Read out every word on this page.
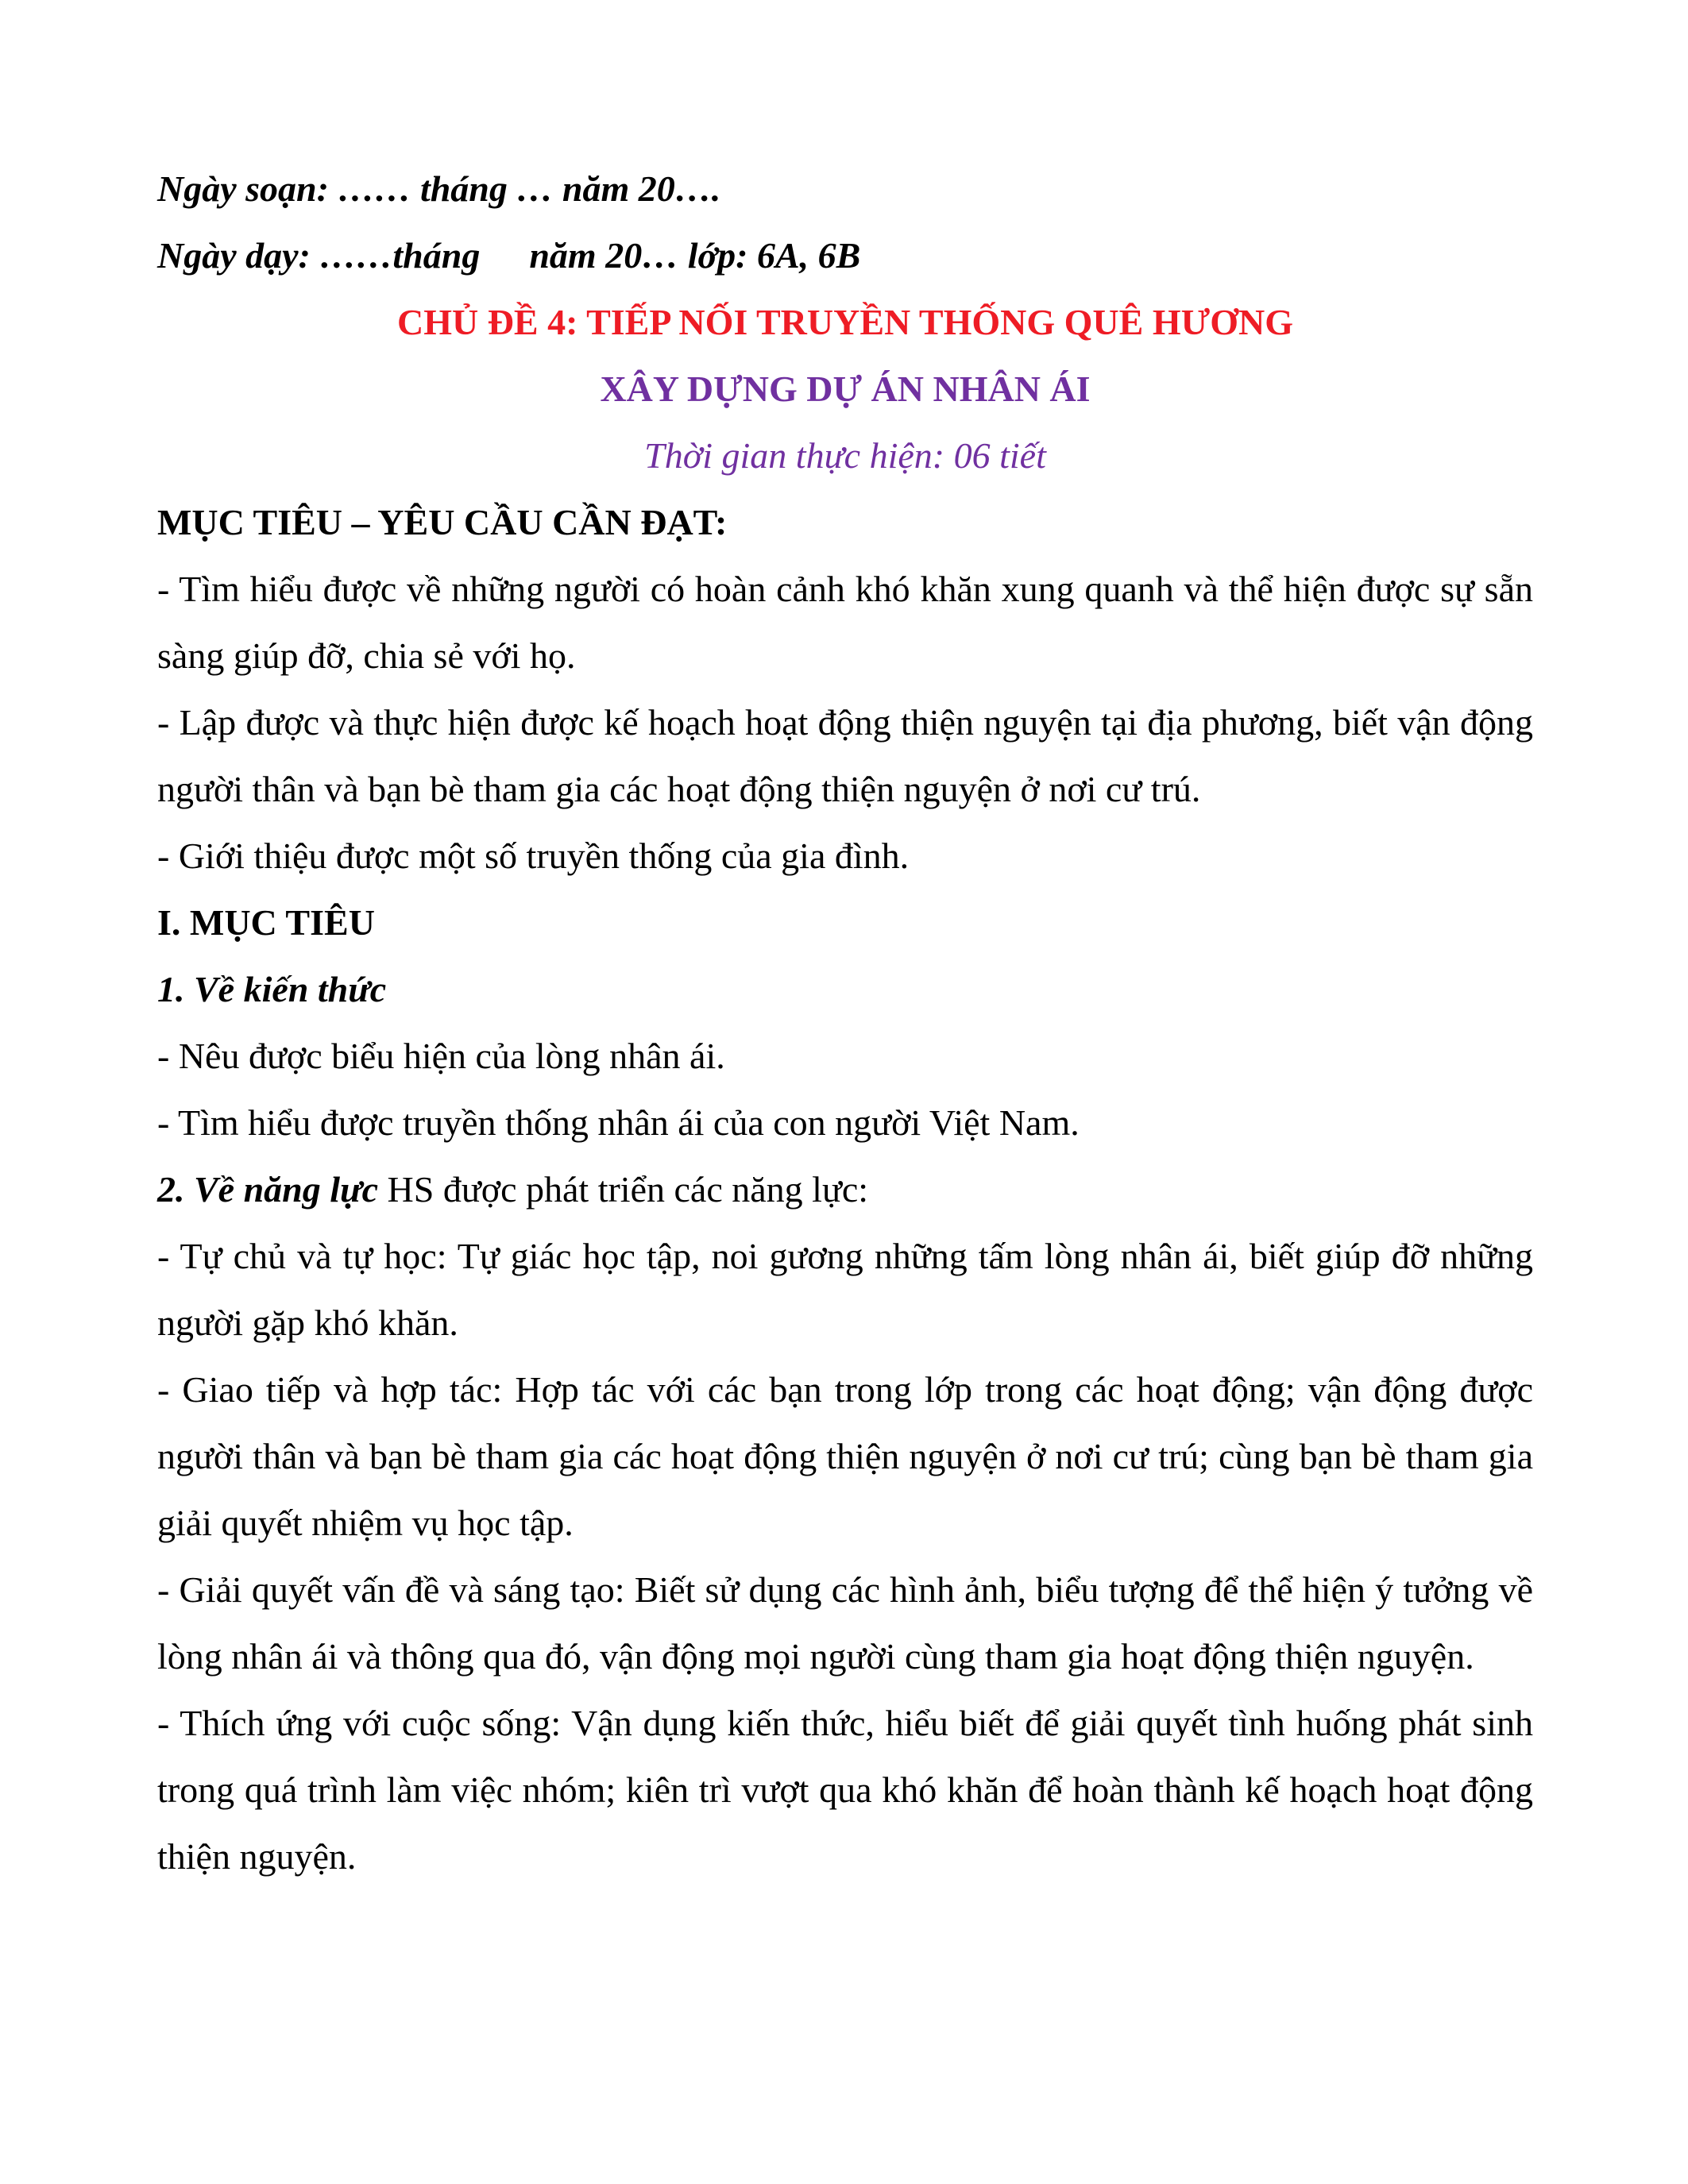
Ngày soạn: …… tháng … năm 20….
Ngày dạy: ……tháng năm 20… lớp: 6A, 6B
CHỦ ĐỀ 4: TIẾP NỐI TRUYỀN THỐNG QUÊ HƯƠNG
XÂY DỰNG DỰ ÁN NHÂN ÁI
Thời gian thực hiện: 06 tiết
MỤC TIÊU – YÊU CẦU CẦN ĐẠT:

- Tìm hiểu được về những người có hoàn cảnh khó khăn xung quanh và thể hiện được sự sẵn sàng giúp đỡ, chia sẻ với họ.

- Lập được và thực hiện được kế hoạch hoạt động thiện nguyện tại địa phương, biết vận động người thân và bạn bè tham gia các hoạt động thiện nguyện ở nơi cư trú.

- Giới thiệu được một số truyền thống của gia đình.

I. MỤC TIÊU
1. Về kiến thức

- Nêu được biểu hiện của lòng nhân ái.

- Tìm hiểu được truyền thống nhân ái của con người Việt Nam.

2. Về năng lực HS được phát triển các năng lực:

- Tự chủ và tự học: Tự giác học tập, noi gương những tấm lòng nhân ái, biết giúp đỡ những người gặp khó khăn.

- Giao tiếp và hợp tác: Hợp tác với các bạn trong lớp trong các hoạt động; vận động được người thân và bạn bè tham gia các hoạt động thiện nguyện ở nơi cư trú; cùng bạn bè tham gia giải quyết nhiệm vụ học tập.

- Giải quyết vấn đề và sáng tạo: Biết sử dụng các hình ảnh, biểu tượng để thể hiện ý tưởng về lòng nhân ái và thông qua đó, vận động mọi người cùng tham gia hoạt động thiện nguyện.

- Thích ứng với cuộc sống: Vận dụng kiến thức, hiểu biết để giải quyết tình huống phát sinh trong quá trình làm việc nhóm; kiên trì vượt qua khó khăn để hoàn thành kế hoạch hoạt động thiện nguyện.
